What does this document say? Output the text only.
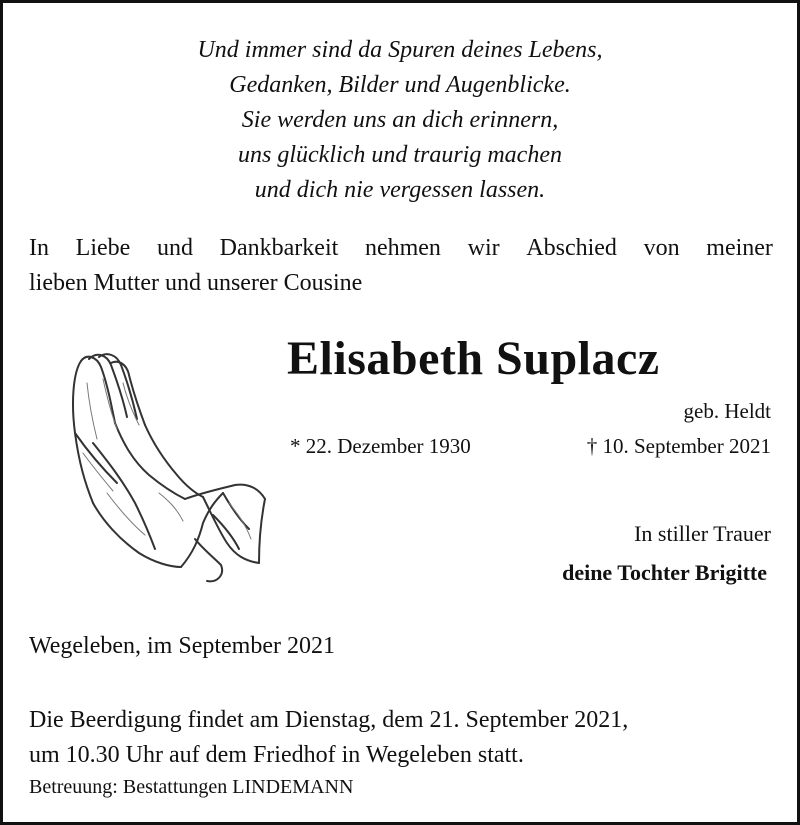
Und immer sind da Spuren deines Lebens,
Gedanken, Bilder und Augenblicke.
Sie werden uns an dich erinnern,
uns glücklich und traurig machen
und dich nie vergessen lassen.
In Liebe und Dankbarkeit nehmen wir Abschied von meiner
lieben Mutter und unserer Cousine
Elisabeth Suplacz
geb. Heldt
* 22. Dezember 1930	† 10. September 2021
In stiller Trauer
deine Tochter Brigitte
Wegeleben, im September 2021
Die Beerdigung findet am Dienstag, dem 21. September 2021,
um 10.30 Uhr auf dem Friedhof in Wegeleben statt.
Betreuung: Bestattungen LINDEMANN
